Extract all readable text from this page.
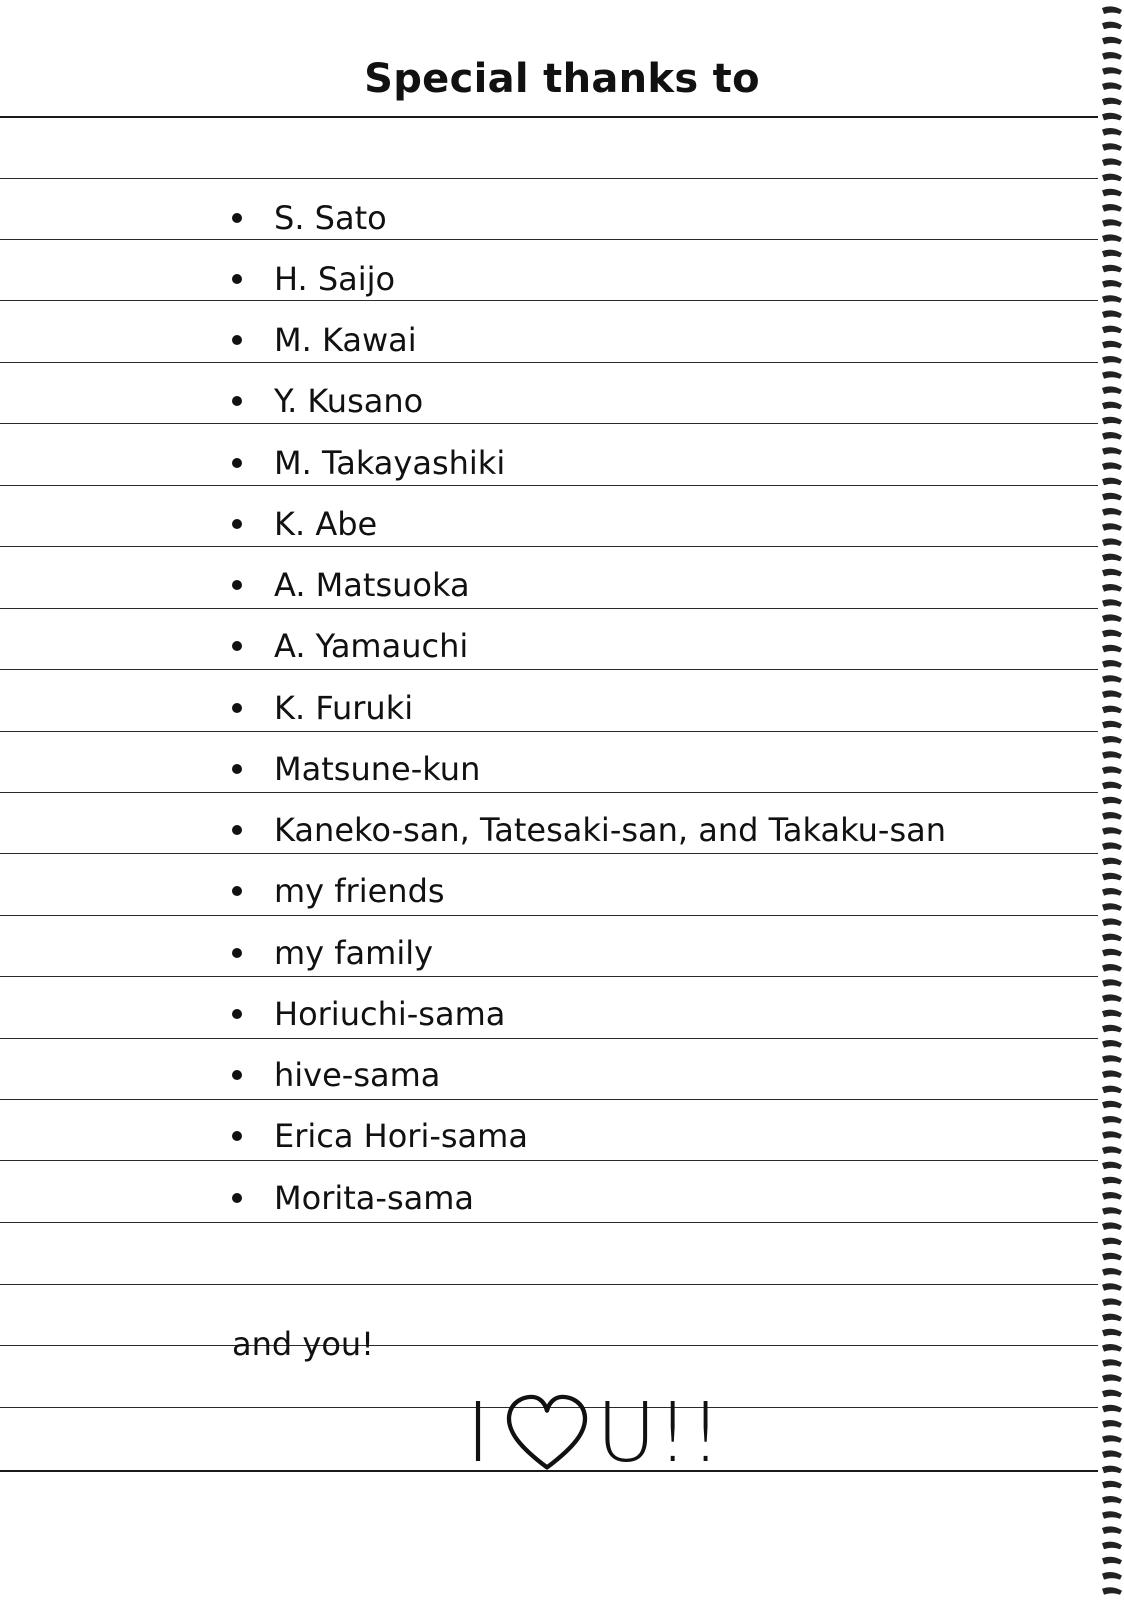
Special thanks to
S. Sato
H. Saijo
M. Kawai
Y. Kusano
M. Takayashiki
K. Abe
A. Matsuoka
A. Yamauchi
K. Furuki
Matsune-kun
Kaneko-san, Tatesaki-san, and Takaku-san
my friends
my family
Horiuchi-sama
hive-sama
Erica Hori-sama
Morita-sama
and you!
I U!!
